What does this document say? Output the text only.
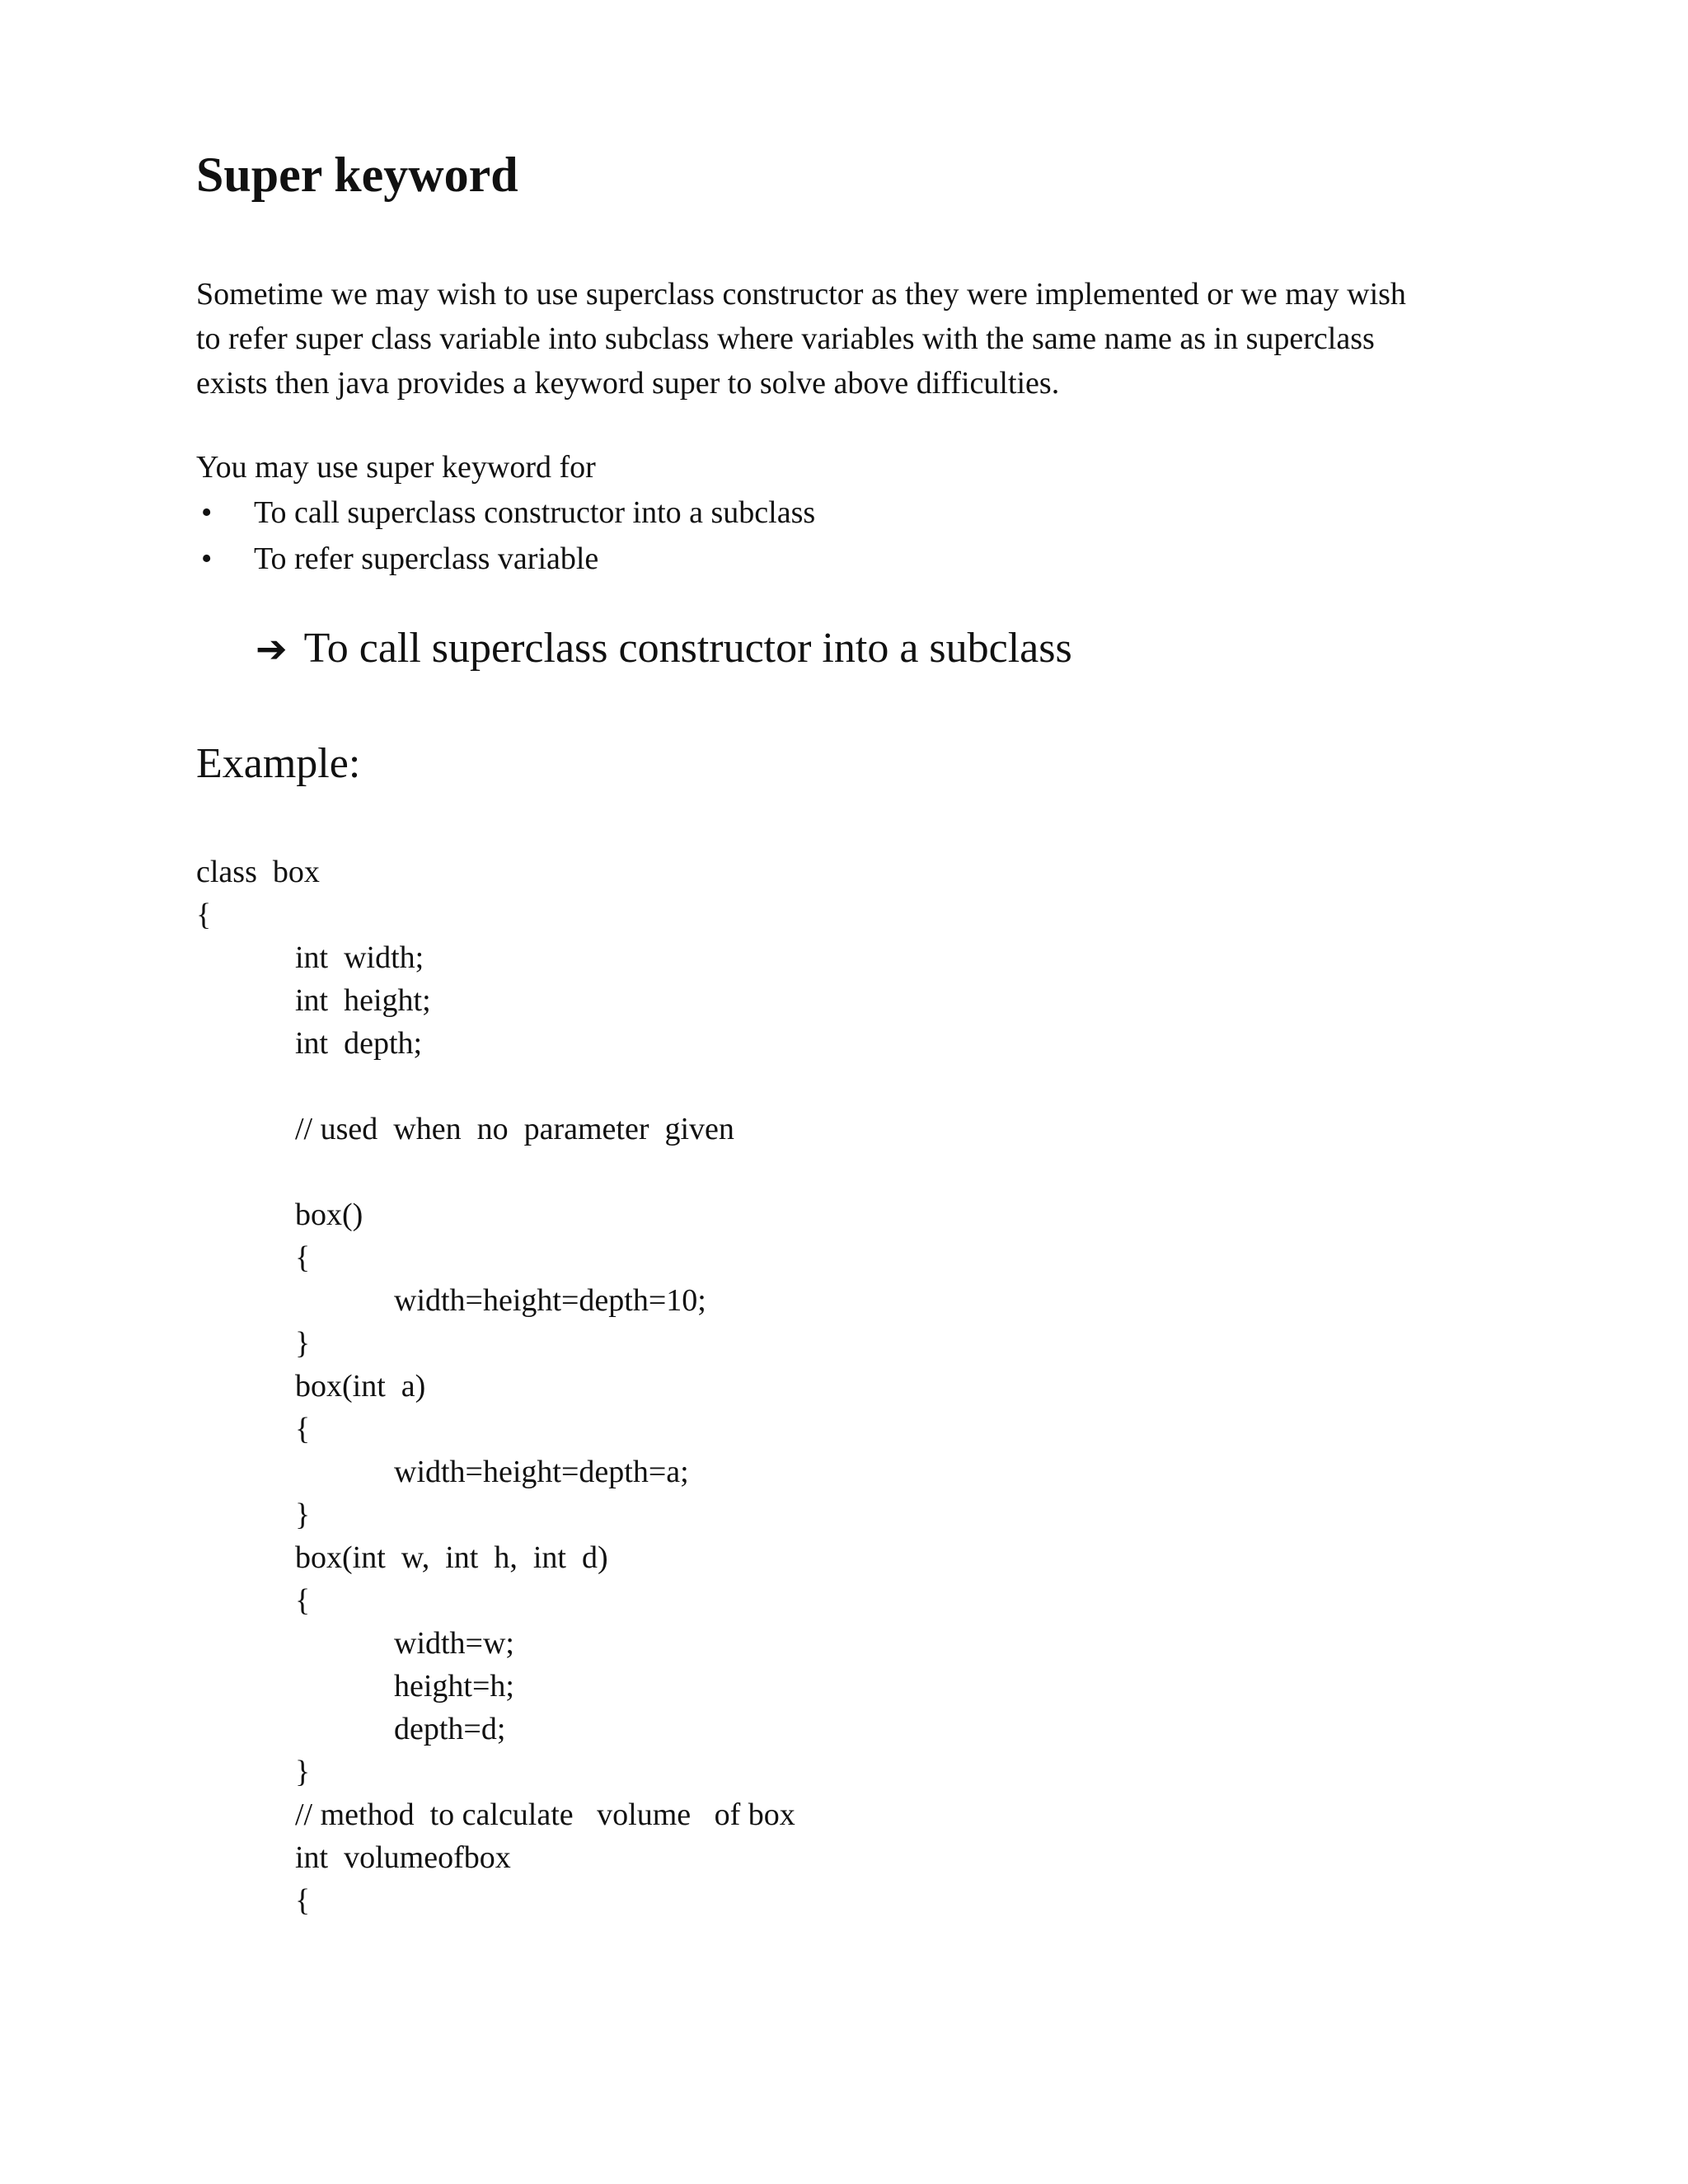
Super keyword
Sometime we may wish to use superclass constructor as they were implemented or we may wish
to refer super class variable into subclass where variables with the same name as in superclass
exists then java provides a keyword super to solve above difficulties.
You may use super keyword for
• To call superclass constructor into a subclass
• To refer superclass variable
➔ To call superclass constructor into a subclass
Example:
class  box
{
int  width;
int  height;
int  depth;
// used  when  no  parameter  given
box()
{
width=height=depth=10;
}
box(int  a)
{
width=height=depth=a;
}
box(int  w,  int  h,  int  d)
{
width=w;
height=h;
depth=d;
}
// method  to calculate   volume   of box
int  volumeofbox
{
